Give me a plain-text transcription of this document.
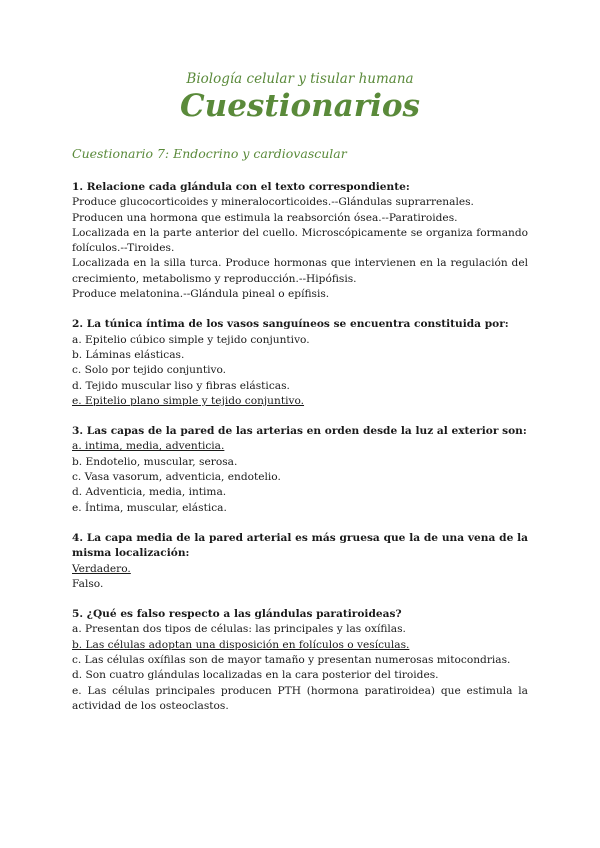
Biología celular y tisular humana
Cuestionarios
Cuestionario 7: Endocrino y cardiovascular

1. Relacione cada glándula con el texto correspondiente:

Produce glucocorticoides y mineralocorticoides.--Glándulas suprarrenales.

Producen una hormona que estimula la reabsorción ósea.--Paratiroides.

Localizada en la parte anterior del cuello. Microscópicamente se organiza formando folículos.--Tiroides.

Localizada en la silla turca. Produce hormonas que intervienen en la regulación del crecimiento, metabolismo y reproducción.--Hipófisis.

Produce melatonina.--Glándula pineal o epífisis.

2. La túnica íntima de los vasos sanguíneos se encuentra constituida por:

a. Epitelio cúbico simple y tejido conjuntivo.

b. Láminas elásticas.

c. Solo por tejido conjuntivo.

d. Tejido muscular liso y fibras elásticas.

e. Epitelio plano simple y tejido conjuntivo.

3. Las capas de la pared de las arterias en orden desde la luz al exterior son:

a. intima, media, adventicia.

b. Endotelio, muscular, serosa.

c. Vasa vasorum, adventicia, endotelio.

d. Adventicia, media, intima.

e. Íntima, muscular, elástica.

4. La capa media de la pared arterial es más gruesa que la de una vena de la misma localización:

Verdadero.

Falso.

5. ¿Qué es falso respecto a las glándulas paratiroideas?

a. Presentan dos tipos de células: las principales y las oxífilas.

b. Las células adoptan una disposición en folículos o vesículas.

c. Las células oxífilas son de mayor tamaño y presentan numerosas mitocondrias.

d. Son cuatro glándulas localizadas en la cara posterior del tiroides.

e. Las células principales producen PTH (hormona paratiroidea) que estimula la actividad de los osteoclastos.
